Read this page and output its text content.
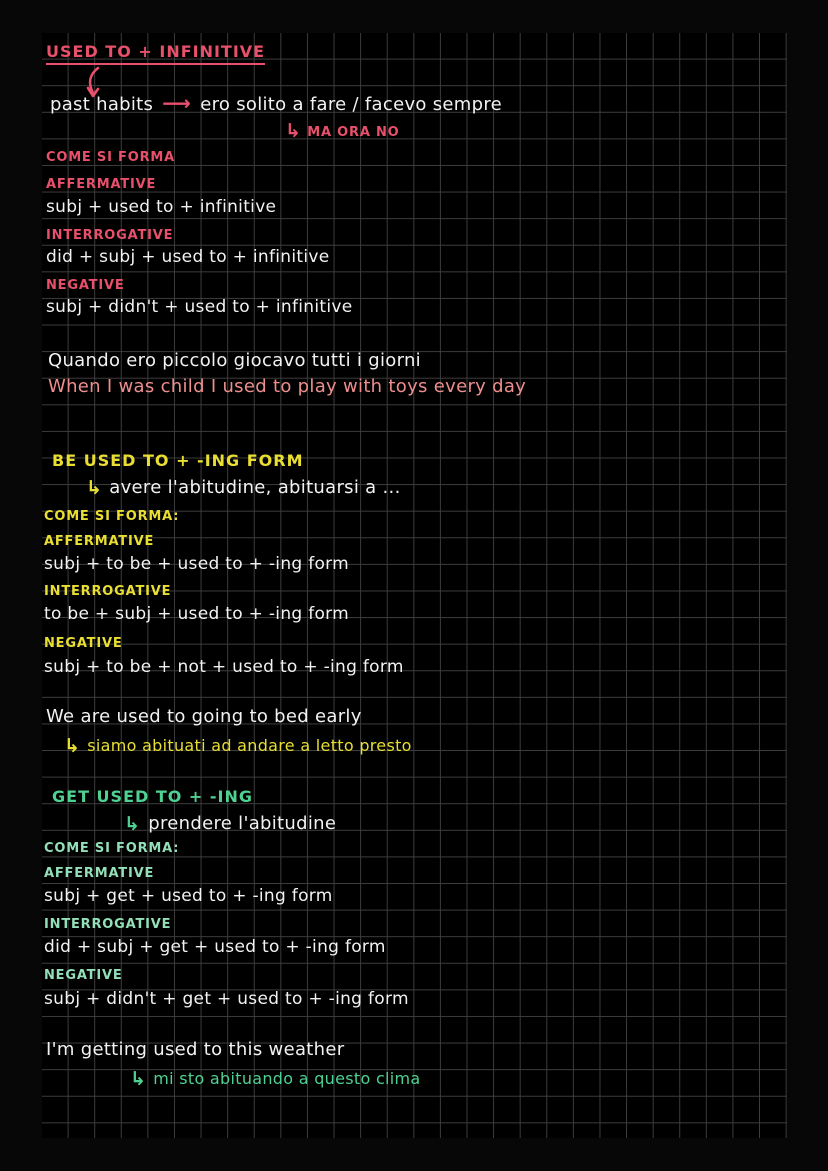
USED TO + INFINITIVE
past habits ⟶ ero solito a fare / facevo sempre
↳ MA ORA NO
COME SI FORMA
AFFERMATIVE
subj + used to + infinitive
INTERROGATIVE
did + subj + used to + infinitive
NEGATIVE
subj + didn't + used to + infinitive
Quando ero piccolo giocavo tutti i giorni
When I was child I used to play with toys every day
BE USED TO + -ING FORM
↳ avere l'abitudine, abituarsi a ...
COME SI FORMA:
AFFERMATIVE
subj + to be + used to + -ing form
INTERROGATIVE
to be + subj + used to + -ing form
NEGATIVE
subj + to be + not + used to + -ing form
We are used to going to bed early
↳ siamo abituati ad andare a letto presto
GET USED TO + -ING
↳ prendere l'abitudine
COME SI FORMA:
AFFERMATIVE
subj + get + used to + -ing form
INTERROGATIVE
did + subj + get + used to + -ing form
NEGATIVE
subj + didn't + get + used to + -ing form
I'm getting used to this weather
↳ mi sto abituando a questo clima
